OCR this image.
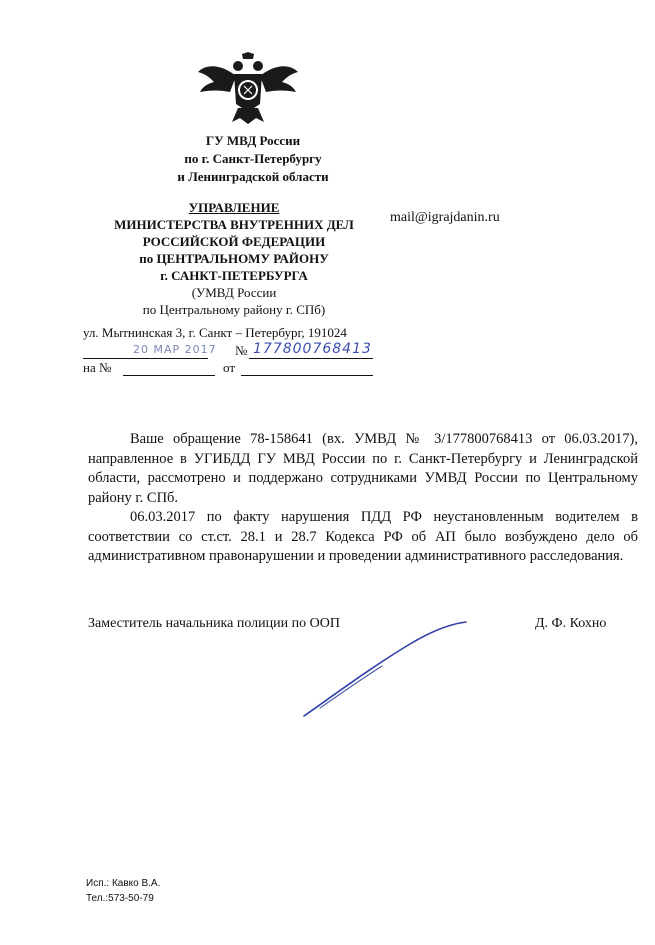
ГУ МВД России
по г. Санкт-Петербургу
и Ленинградской области
УПРАВЛЕНИЕ
МИНИСТЕРСТВА ВНУТРЕННИХ ДЕЛ
РОССИЙСКОЙ ФЕДЕРАЦИИ
по ЦЕНТРАЛЬНОМУ РАЙОНУ
г. САНКТ-ПЕТЕРБУРГА
(УМВД России
по Центральному району г. СПб)
mail@igrajdanin.ru
ул. Мытнинская 3, г. Санкт – Петербург, 191024
20 МАР 2017 № 177800768413
на №	от

Ваше обращение 78-158641 (вх. УМВД № 3/177800768413 от 06.03.2017), направленное в УГИБДД ГУ МВД России по г. Санкт-Петербургу и Ленинградской области, рассмотрено и поддержано сотрудниками УМВД России по Центральному району г. СПб.

06.03.2017 по факту нарушения ПДД РФ неустановленным водителем в соответствии со ст.ст. 28.1 и 28.7 Кодекса РФ об АП было возбуждено дело об административном правонарушении и проведении административного расследования.

Заместитель начальника полиции по ООП	Д. Ф. Кохно
Исп.: Кавко В.А.
Тел.:573-50-79
